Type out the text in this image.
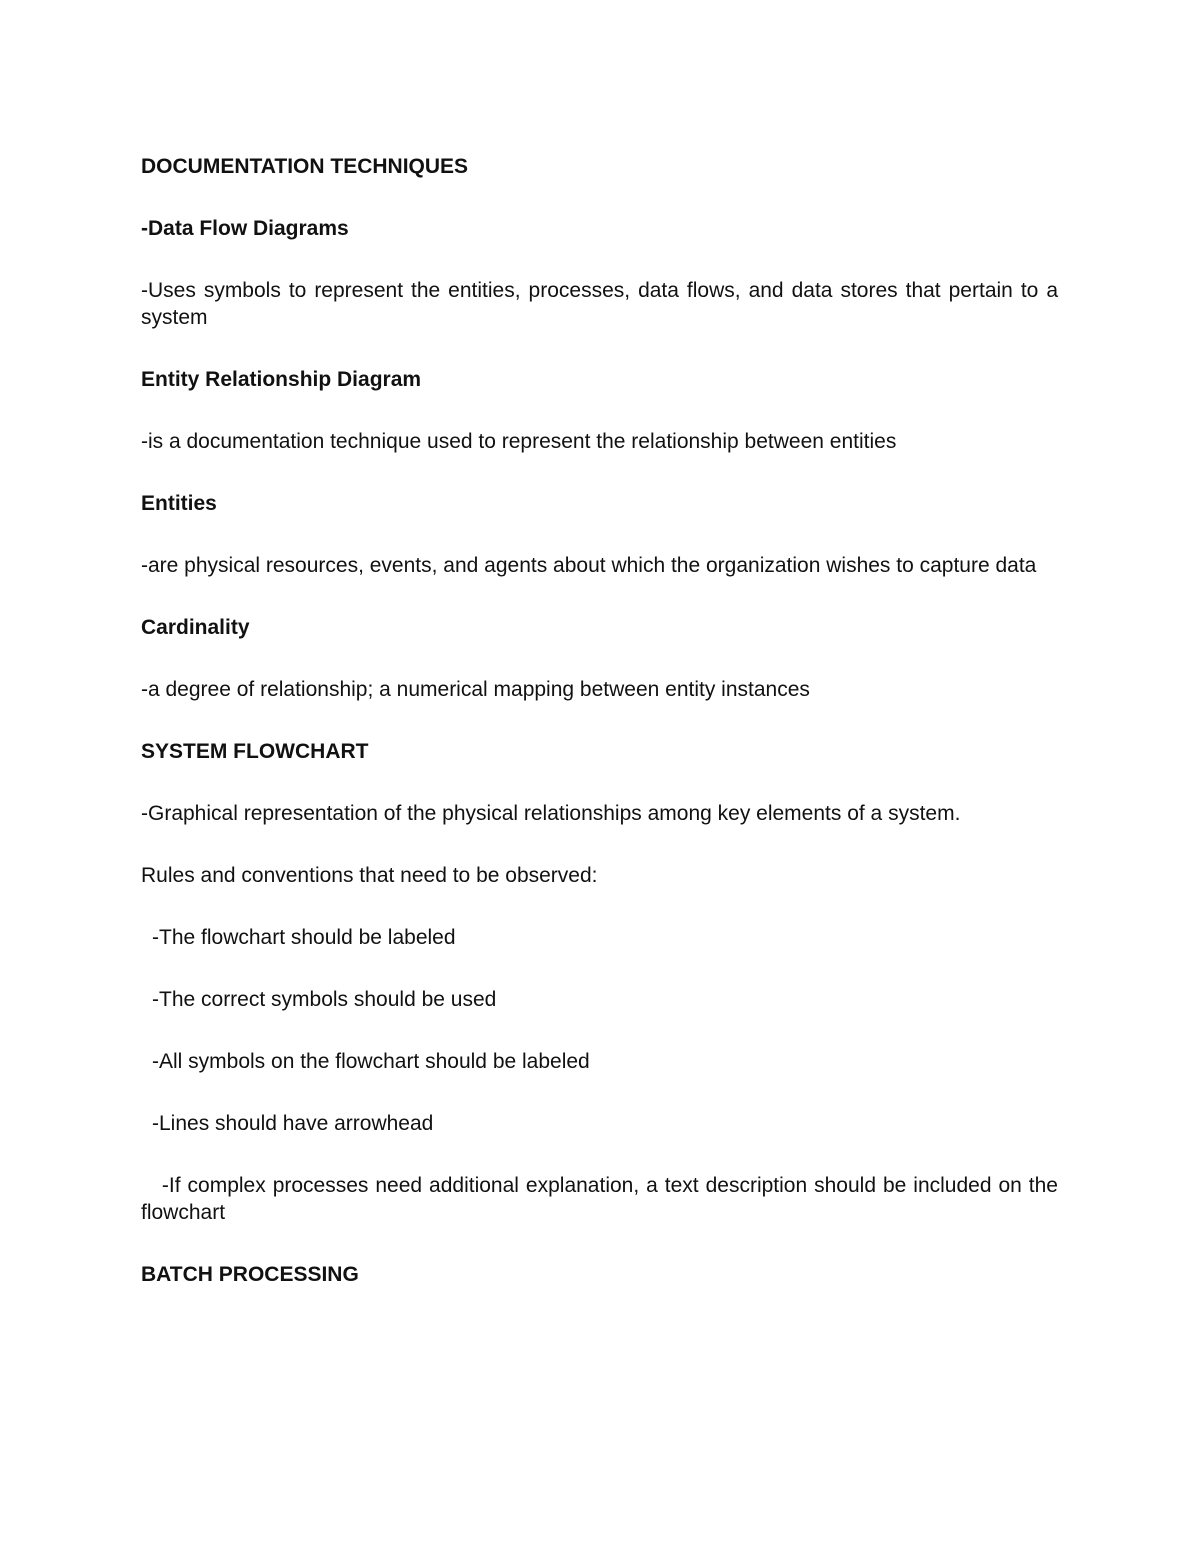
DOCUMENTATION TECHNIQUES
-Data Flow Diagrams
-Uses symbols to represent the entities, processes, data flows, and data stores that pertain to a system
Entity Relationship Diagram
-is a documentation technique used to represent the relationship between entities
Entities
-are physical resources, events, and agents about which the organization wishes to capture data
Cardinality
-a degree of relationship; a numerical mapping between entity instances
SYSTEM FLOWCHART
-Graphical representation of the physical relationships among key elements of a system.
Rules and conventions that need to be observed:
-The flowchart should be labeled
-The correct symbols should be used
-All symbols on the flowchart should be labeled
-Lines should have arrowhead
-If complex processes need additional explanation, a text description should be included on the flowchart
BATCH PROCESSING
